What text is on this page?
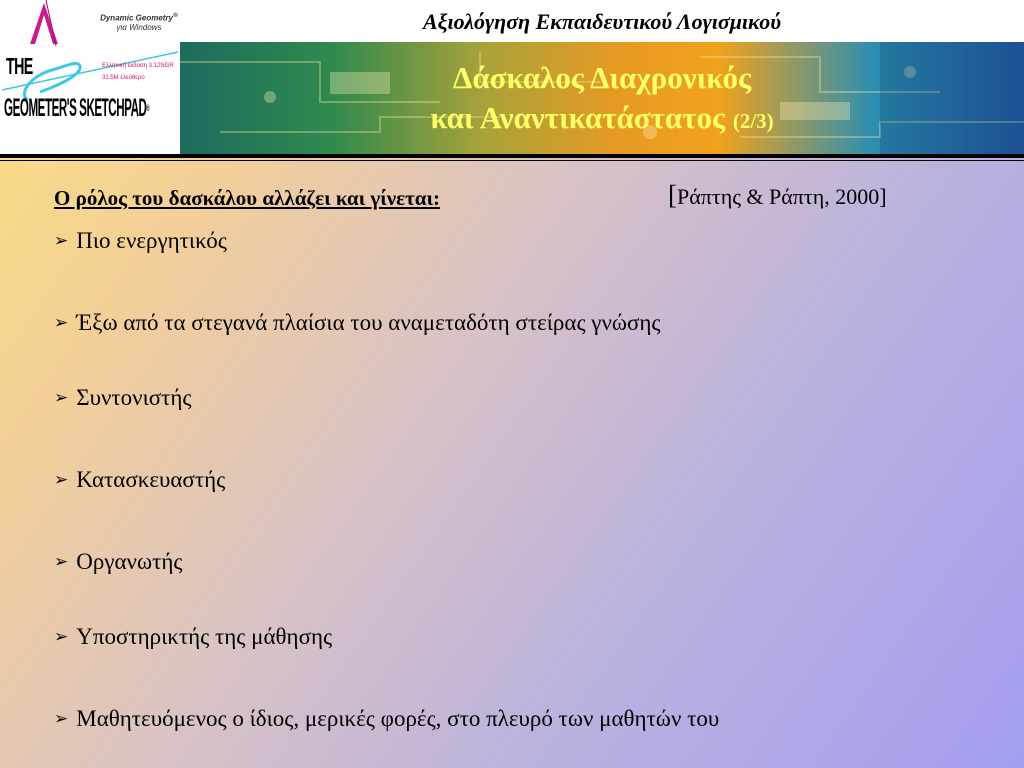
Αξιολόγηση Εκπαιδευτικού Λογισμικού
Δάσκαλος Διαχρονικός
και Αναντικατάστατος (2/3)
Dynamic Geometry®
για Windows
Ελληνική έκδοση 3.12NGR
31.5M ελεύθερο
THE
GEOMETER'S SKETCHPAD®
Ο ρόλος του δασκάλου αλλάζει και γίνεται:	[Ράπτης & Ράπτη, 2000]
➢ Πιο ενεργητικός
➢ Έξω από τα στεγανά πλαίσια του αναμεταδότη στείρας γνώσης
➢ Συντονιστής
➢ Κατασκευαστής
➢ Οργανωτής
➢ Υποστηρικτής της μάθησης
➢ Μαθητευόμενος ο ίδιος, μερικές φορές, στο πλευρό των μαθητών του
